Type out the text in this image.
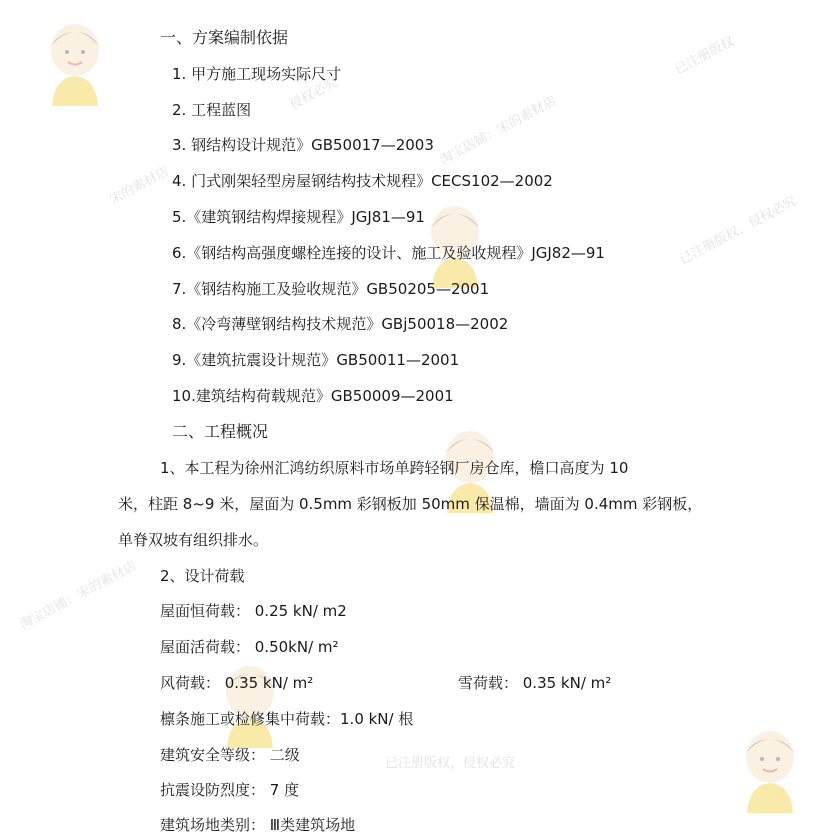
已注册版权
侵权必究	淘宝店铺：宋的素材店
宋的素材店
已注册版权，侵权必究
淘宝店铺：宋的素材店
已注册版权，侵权必究
一、方案编制依据
1. 甲方施工现场实际尺寸
2. 工程蓝图
3. 钢结构设计规范》GB50017—2003
4. 门式刚架轻型房屋钢结构技术规程》CECS102—2002
5.《建筑钢结构焊接规程》JGJ81—91
6.《钢结构高强度螺栓连接的设计、施工及验收规程》JGJ82—91
7.《钢结构施工及验收规范》GB50205—2001
8.《冷弯薄壁钢结构技术规范》GBj50018—2002
9.《建筑抗震设计规范》GB50011—2001
10.建筑结构荷载规范》GB50009—2001
二、工程概况
1、本工程为徐州汇鸿纺织原料市场单跨轻钢厂房仓库，檐口高度为 10
米，柱距 8~9 米，屋面为 0.5mm 彩钢板加 50mm 保温棉，墙面为 0.4mm 彩钢板，
单脊双坡有组织排水。
2、设计荷载
屋面恒荷载： 0.25 kN/ m2
屋面活荷载： 0.50kN/ m²
风荷载： 0.35 kN/ m²	雪荷载： 0.35 kN/ m²
檩条施工或检修集中荷载：1.0 kN/ 根
建筑安全等级： 二级
抗震设防烈度： 7 度
建筑场地类别： Ⅲ类建筑场地
